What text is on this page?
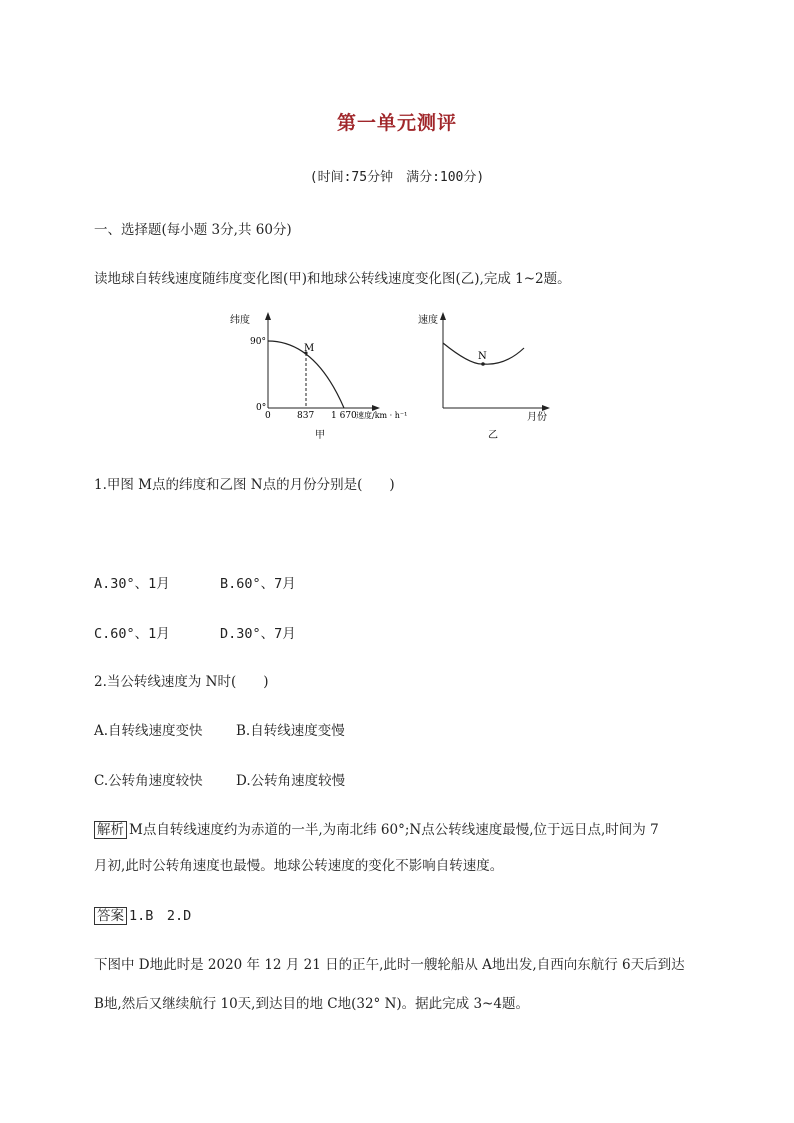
第一单元测评
(时间:75分钟　满分:100分)
一、选择题(每小题 3分,共 60分)
读地球自转线速度随纬度变化图(甲)和地球公转线速度变化图(乙),完成 1~2题。
纬度
90°
0°
0	837 1 670 速度/km · h⁻¹
M
甲
速度
月份
N
乙
1.甲图 M点的纬度和乙图 N点的月份分别是(　　)
A.30°、1月	B.60°、7月
C.60°、1月	D.30°、7月
2.当公转线速度为 N时(　　)
A.自转线速度变快 B.自转线速度变慢
C.公转角速度较快 D.公转角速度较慢
解析 M点自转线速度约为赤道的一半,为南北纬 60°;N点公转线速度最慢,位于远日点,时间为 7
月初,此时公转角速度也最慢。地球公转速度的变化不影响自转速度。
答案 1.B　2.D
下图中 D地此时是 2020 年 12 月 21 日的正午,此时一艘轮船从 A地出发,自西向东航行 6天后到达
B地,然后又继续航行 10天,到达目的地 C地(32° N)。据此完成 3~4题。
